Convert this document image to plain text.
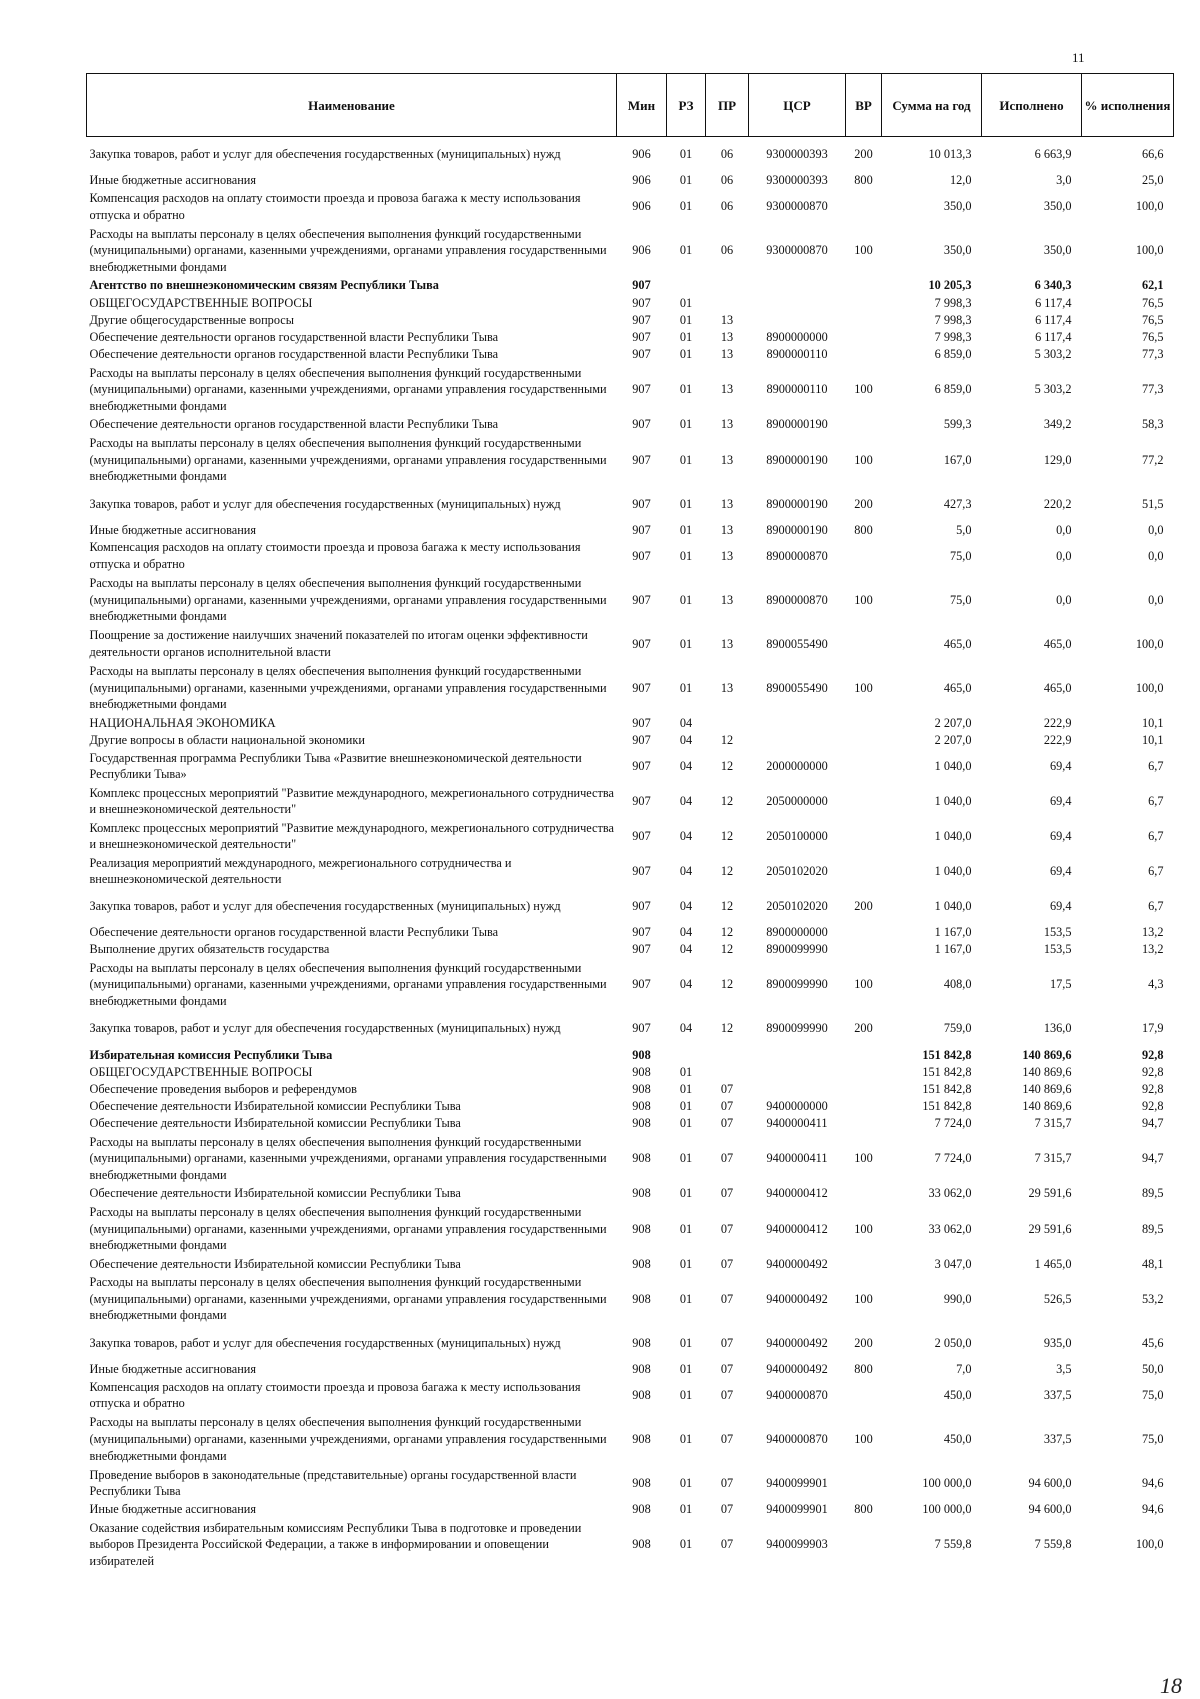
11
Наименование	Мин	РЗ	ПР	ЦСР	ВР	Сумма на год	Исполнено	% исполнения
Закупка товаров, работ и услуг для обеспечения государственных (муниципальных) нужд	906	01	06	9300000393	200	10 013,3	6 663,9	66,6
Иные бюджетные ассигнования	906	01	06	9300000393	800	12,0	3,0	25,0
Компенсация расходов на оплату стоимости проезда и провоза багажа к месту использования отпуска и обратно	906	01	06	9300000870		350,0	350,0	100,0
Расходы на выплаты персоналу в целях обеспечения выполнения функций государственными (муниципальными) органами, казенными учреждениями, органами управления государственными внебюджетными фондами	906	01	06	9300000870	100	350,0	350,0	100,0
Агентство по внешнеэкономическим связям Республики Тыва	907					10 205,3	6 340,3	62,1
ОБЩЕГОСУДАРСТВЕННЫЕ ВОПРОСЫ	907	01				7 998,3	6 117,4	76,5
Другие общегосударственные вопросы	907	01	13			7 998,3	6 117,4	76,5
Обеспечение деятельности органов государственной власти Республики Тыва	907	01	13	8900000000		7 998,3	6 117,4	76,5
Обеспечение деятельности органов государственной власти Республики Тыва	907	01	13	8900000110		6 859,0	5 303,2	77,3
Расходы на выплаты персоналу в целях обеспечения выполнения функций государственными (муниципальными) органами, казенными учреждениями, органами управления государственными внебюджетными фондами	907	01	13	8900000110	100	6 859,0	5 303,2	77,3
Обеспечение деятельности органов государственной власти Республики Тыва	907	01	13	8900000190		599,3	349,2	58,3
Расходы на выплаты персоналу в целях обеспечения выполнения функций государственными (муниципальными) органами, казенными учреждениями, органами управления государственными внебюджетными фондами	907	01	13	8900000190	100	167,0	129,0	77,2
Закупка товаров, работ и услуг для обеспечения государственных (муниципальных) нужд	907	01	13	8900000190	200	427,3	220,2	51,5
Иные бюджетные ассигнования	907	01	13	8900000190	800	5,0	0,0	0,0
Компенсация расходов на оплату стоимости проезда и провоза багажа к месту использования отпуска и обратно	907	01	13	8900000870		75,0	0,0	0,0
Расходы на выплаты персоналу в целях обеспечения выполнения функций государственными (муниципальными) органами, казенными учреждениями, органами управления государственными внебюджетными фондами	907	01	13	8900000870	100	75,0	0,0	0,0
Поощрение за достижение наилучших значений показателей по итогам оценки эффективности деятельности органов исполнительной власти	907	01	13	8900055490		465,0	465,0	100,0
Расходы на выплаты персоналу в целях обеспечения выполнения функций государственными (муниципальными) органами, казенными учреждениями, органами управления государственными внебюджетными фондами	907	01	13	8900055490	100	465,0	465,0	100,0
НАЦИОНАЛЬНАЯ ЭКОНОМИКА	907	04				2 207,0	222,9	10,1
Другие вопросы в области национальной экономики	907	04	12			2 207,0	222,9	10,1
Государственная программа Республики Тыва «Развитие внешнеэкономической деятельности Республики Тыва»	907	04	12	2000000000		1 040,0	69,4	6,7
Комплекс процессных мероприятий "Развитие международного, межрегионального сотрудничества и внешнеэкономической деятельности"	907	04	12	2050000000		1 040,0	69,4	6,7
Комплекс процессных мероприятий "Развитие международного, межрегионального сотрудничества и внешнеэкономической деятельности"	907	04	12	2050100000		1 040,0	69,4	6,7
Реализация мероприятий международного, межрегионального сотрудничества и внешнеэкономической деятельности	907	04	12	2050102020		1 040,0	69,4	6,7
Закупка товаров, работ и услуг для обеспечения государственных (муниципальных) нужд	907	04	12	2050102020	200	1 040,0	69,4	6,7
Обеспечение деятельности органов государственной власти Республики Тыва	907	04	12	8900000000		1 167,0	153,5	13,2
Выполнение других обязательств государства	907	04	12	8900099990		1 167,0	153,5	13,2
Расходы на выплаты персоналу в целях обеспечения выполнения функций государственными (муниципальными) органами, казенными учреждениями, органами управления государственными внебюджетными фондами	907	04	12	8900099990	100	408,0	17,5	4,3
Закупка товаров, работ и услуг для обеспечения государственных (муниципальных) нужд	907	04	12	8900099990	200	759,0	136,0	17,9
Избирательная комиссия Республики Тыва	908					151 842,8	140 869,6	92,8
ОБЩЕГОСУДАРСТВЕННЫЕ ВОПРОСЫ	908	01				151 842,8	140 869,6	92,8
Обеспечение проведения выборов и референдумов	908	01	07			151 842,8	140 869,6	92,8
Обеспечение деятельности Избирательной комиссии Республики Тыва	908	01	07	9400000000		151 842,8	140 869,6	92,8
Обеспечение деятельности Избирательной комиссии Республики Тыва	908	01	07	9400000411		7 724,0	7 315,7	94,7
Расходы на выплаты персоналу в целях обеспечения выполнения функций государственными (муниципальными) органами, казенными учреждениями, органами управления государственными внебюджетными фондами	908	01	07	9400000411	100	7 724,0	7 315,7	94,7
Обеспечение деятельности Избирательной комиссии Республики Тыва	908	01	07	9400000412		33 062,0	29 591,6	89,5
Расходы на выплаты персоналу в целях обеспечения выполнения функций государственными (муниципальными) органами, казенными учреждениями, органами управления государственными внебюджетными фондами	908	01	07	9400000412	100	33 062,0	29 591,6	89,5
Обеспечение деятельности Избирательной комиссии Республики Тыва	908	01	07	9400000492		3 047,0	1 465,0	48,1
Расходы на выплаты персоналу в целях обеспечения выполнения функций государственными (муниципальными) органами, казенными учреждениями, органами управления государственными внебюджетными фондами	908	01	07	9400000492	100	990,0	526,5	53,2
Закупка товаров, работ и услуг для обеспечения государственных (муниципальных) нужд	908	01	07	9400000492	200	2 050,0	935,0	45,6
Иные бюджетные ассигнования	908	01	07	9400000492	800	7,0	3,5	50,0
Компенсация расходов на оплату стоимости проезда и провоза багажа к месту использования отпуска и обратно	908	01	07	9400000870		450,0	337,5	75,0
Расходы на выплаты персоналу в целях обеспечения выполнения функций государственными (муниципальными) органами, казенными учреждениями, органами управления государственными внебюджетными фондами	908	01	07	9400000870	100	450,0	337,5	75,0
Проведение выборов в законодательные (представительные) органы государственной власти Республики Тыва	908	01	07	9400099901		100 000,0	94 600,0	94,6
Иные бюджетные ассигнования	908	01	07	9400099901	800	100 000,0	94 600,0	94,6
Оказание содействия избирательным комиссиям Республики Тыва в подготовке и проведении выборов Президента Российской Федерации, а также в информировании и оповещении избирателей	908	01	07	9400099903		7 559,8	7 559,8	100,0
18
